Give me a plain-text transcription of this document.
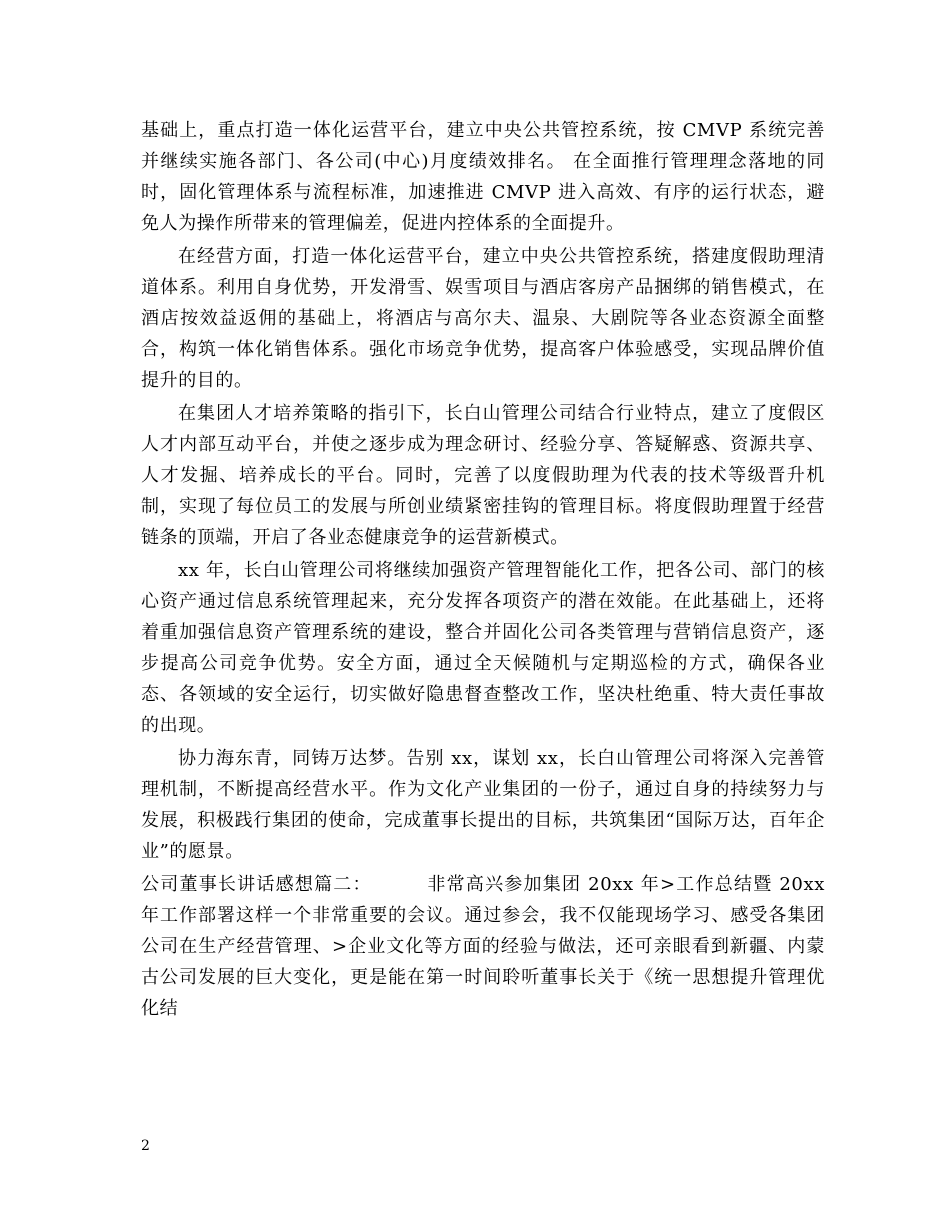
基础上，重点打造一体化运营平台，建立中央公共管控系统，按 CMVP 系统完善并继续实施各部门、各公司(中心)月度绩效排名。 在全面推行管理理念落地的同时，固化管理体系与流程标准，加速推进 CMVP 进入高效、有序的运行状态，避免人为操作所带来的管理偏差，促进内控体系的全面提升。

在经营方面，打造一体化运营平台，建立中央公共管控系统，搭建度假助理清道体系。利用自身优势，开发滑雪、娱雪项目与酒店客房产品捆绑的销售模式，在酒店按效益返佣的基础上，将酒店与高尔夫、温泉、大剧院等各业态资源全面整合，构筑一体化销售体系。强化市场竞争优势，提高客户体验感受，实现品牌价值提升的目的。

在集团人才培养策略的指引下，长白山管理公司结合行业特点，建立了度假区人才内部互动平台，并使之逐步成为理念研讨、经验分享、答疑解惑、资源共享、人才发掘、培养成长的平台。同时，完善了以度假助理为代表的技术等级晋升机制，实现了每位员工的发展与所创业绩紧密挂钩的管理目标。将度假助理置于经营链条的顶端，开启了各业态健康竞争的运营新模式。

xx 年，长白山管理公司将继续加强资产管理智能化工作，把各公司、部门的核心资产通过信息系统管理起来，充分发挥各项资产的潜在效能。在此基础上，还将着重加强信息资产管理系统的建设，整合并固化公司各类管理与营销信息资产，逐步提高公司竞争优势。安全方面，通过全天候随机与定期巡检的方式，确保各业态、各领域的安全运行，切实做好隐患督查整改工作，坚决杜绝重、特大责任事故的出现。

协力海东青，同铸万达梦。告别 xx，谋划 xx，长白山管理公司将深入完善管理机制，不断提高经营水平。作为文化产业集团的一份子，通过自身的持续努力与发展，积极践行集团的使命，完成董事长提出的目标，共筑集团“国际万达，百年企业”的愿景。

公司董事长讲话感想篇二：        非常高兴参加集团 20xx 年>工作总结暨 20xx 年工作部署这样一个非常重要的会议。通过参会，我不仅能现场学习、感受各集团公司在生产经营管理、>企业文化等方面的经验与做法，还可亲眼看到新疆、内蒙古公司发展的巨大变化，更是能在第一时间聆听董事长关于《统一思想提升管理优化结

2
